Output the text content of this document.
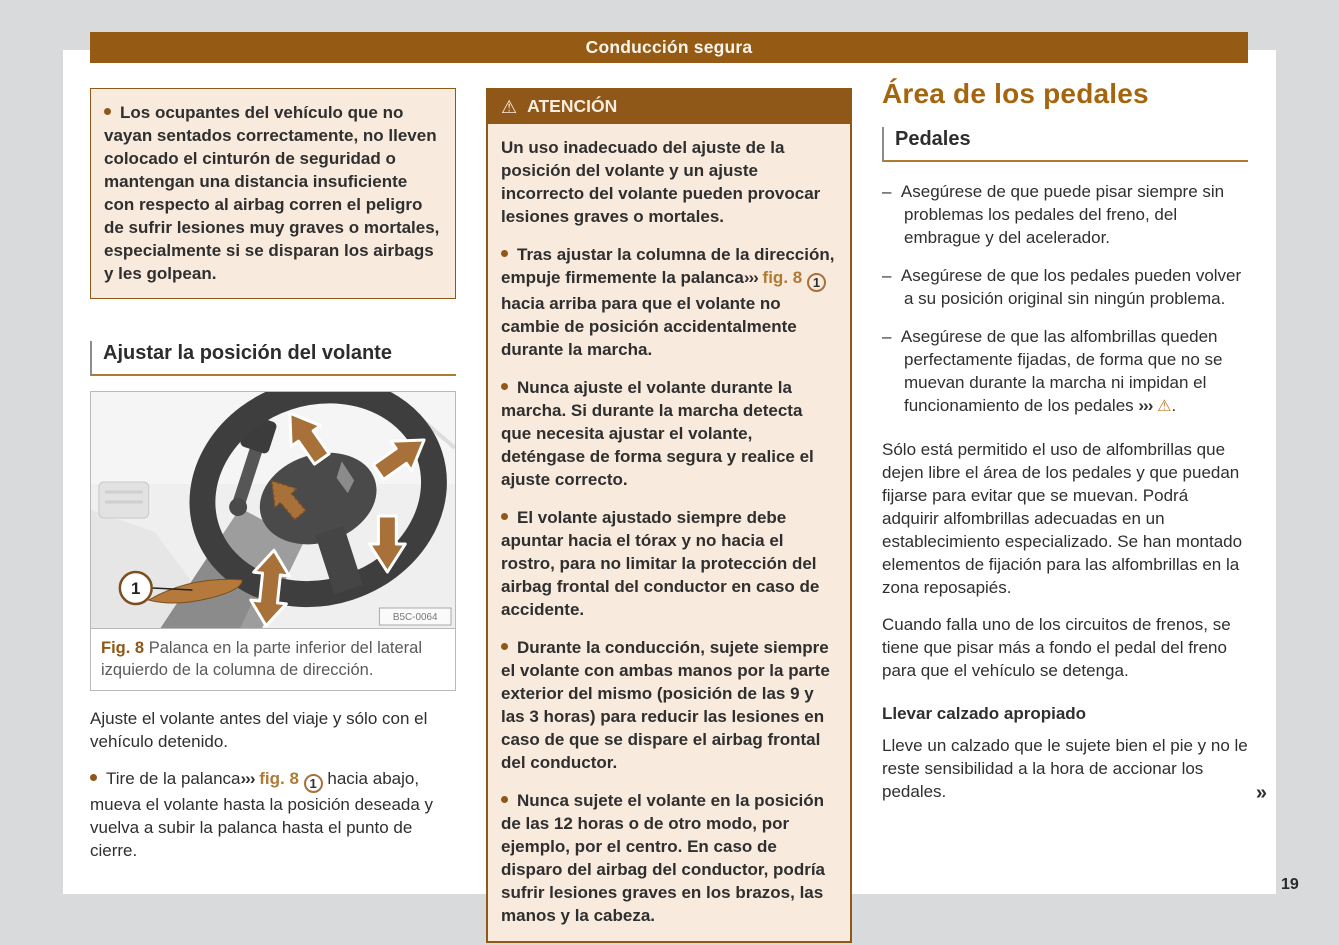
Conducción segura
Los ocupantes del vehículo que no vayan sentados correctamente, no lleven colocado el cinturón de seguridad o mantengan una distancia insuficiente con respecto al airbag corren el peligro de sufrir lesiones muy graves o mortales, especialmente si se disparan los airbags y les golpean.
Ajustar la posición del volante
1
B5C-0064
Fig. 8 Palanca en la parte inferior del lateral izquierdo de la columna de dirección.

Ajuste el volante antes del viaje y sólo con el vehículo detenido.

Tire de la palanca››› fig. 8 1 hacia abajo, mueva el volante hasta la posición deseada y vuelva a subir la palanca hasta el punto de cierre.

⚠ ATENCIÓN

Un uso inadecuado del ajuste de la posición del volante y un ajuste incorrecto del volante pueden provocar lesiones graves o mortales.

Tras ajustar la columna de la dirección, empuje firmemente la palanca››› fig. 8 1 hacia arriba para que el volante no cambie de posición accidentalmente durante la marcha.

Nunca ajuste el volante durante la marcha. Si durante la marcha detecta que necesita ajustar el volante, deténgase de forma segura y realice el ajuste correcto.

El volante ajustado siempre debe apuntar hacia el tórax y no hacia el rostro, para no limitar la protección del airbag frontal del conductor en caso de accidente.

Durante la conducción, sujete siempre el volante con ambas manos por la parte exterior del mismo (posición de las 9 y las 3 horas) para reducir las lesiones en caso de que se dispare el airbag frontal del conductor.

Nunca sujete el volante en la posición de las 12 horas o de otro modo, por ejemplo, por el centro. En caso de disparo del airbag del conductor, podría sufrir lesiones graves en los brazos, las manos y la cabeza.

Área de los pedales
Pedales

– Asegúrese de que puede pisar siempre sin problemas los pedales del freno, del embrague y del acelerador.

– Asegúrese de que los pedales pueden volver a su posición original sin ningún problema.

– Asegúrese de que las alfombrillas queden perfectamente fijadas, de forma que no se muevan durante la marcha ni impidan el funcionamiento de los pedales ››› ⚠.

Sólo está permitido el uso de alfombrillas que dejen libre el área de los pedales y que puedan fijarse para evitar que se muevan. Podrá adquirir alfombrillas adecuadas en un establecimiento especializado. Se han montado elementos de fijación para las alfombrillas en la zona reposapiés.

Cuando falla uno de los circuitos de frenos, se tiene que pisar más a fondo el pedal del freno para que el vehículo se detenga.

Llevar calzado apropiado

Lleve un calzado que le sujete bien el pie y no le reste sensibilidad a la hora de accionar los pedales.	»

19
